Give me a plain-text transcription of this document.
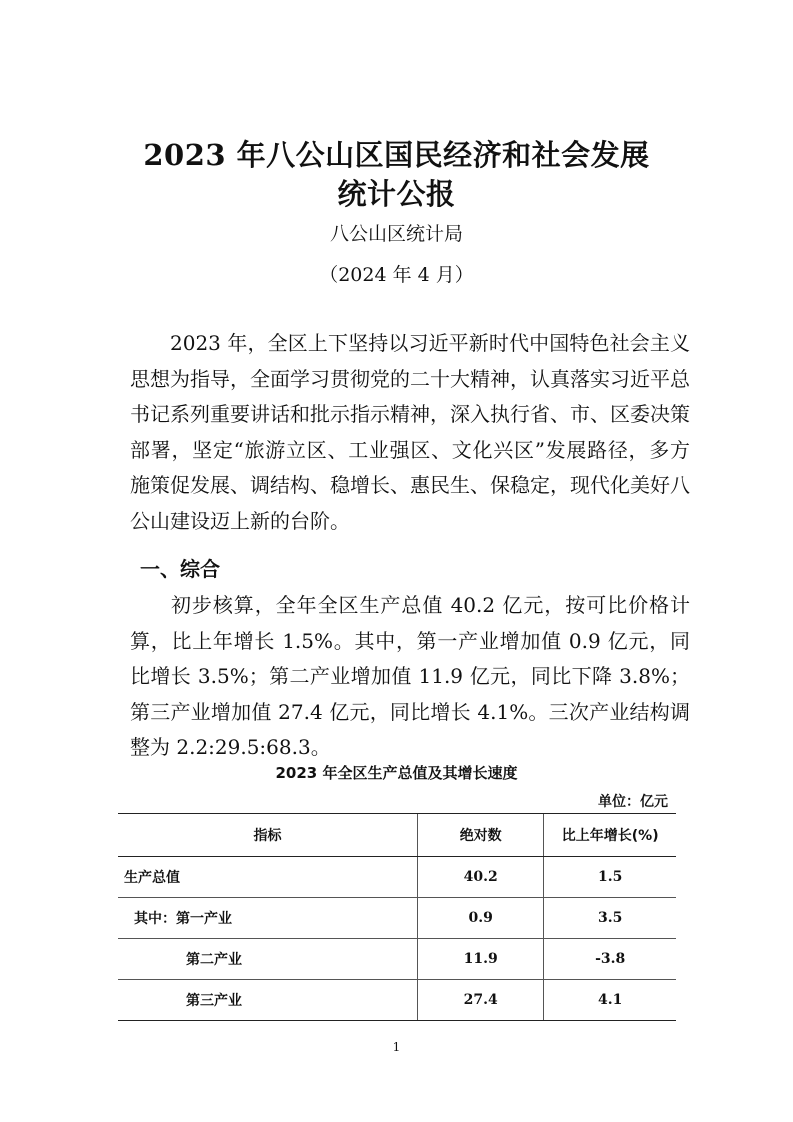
2023 年八公山区国民经济和社会发展
统计公报
八公山区统计局
（2024 年 4 月）
2023 年，全区上下坚持以习近平新时代中国特色社会主义思想为指导，全面学习贯彻党的二十大精神，认真落实习近平总书记系列重要讲话和批示指示精神，深入执行省、市、区委决策部署，坚定“旅游立区、工业强区、文化兴区”发展路径，多方施策促发展、调结构、稳增长、惠民生、保稳定，现代化美好八公山建设迈上新的台阶。
一、综合
初步核算，全年全区生产总值 40.2 亿元，按可比价格计算，比上年增长 1.5%。其中，第一产业增加值 0.9 亿元，同比增长 3.5%；第二产业增加值 11.9 亿元，同比下降 3.8%；第三产业增加值 27.4 亿元，同比增长 4.1%。三次产业结构调整为 2.2:29.5:68.3。
2023 年全区生产总值及其增长速度
单位：亿元
指标	绝对数	比上年增长(%)
生产总值	40.2	1.5
其中：第一产业	0.9	3.5
第二产业	11.9	-3.8
第三产业	27.4	4.1
1
